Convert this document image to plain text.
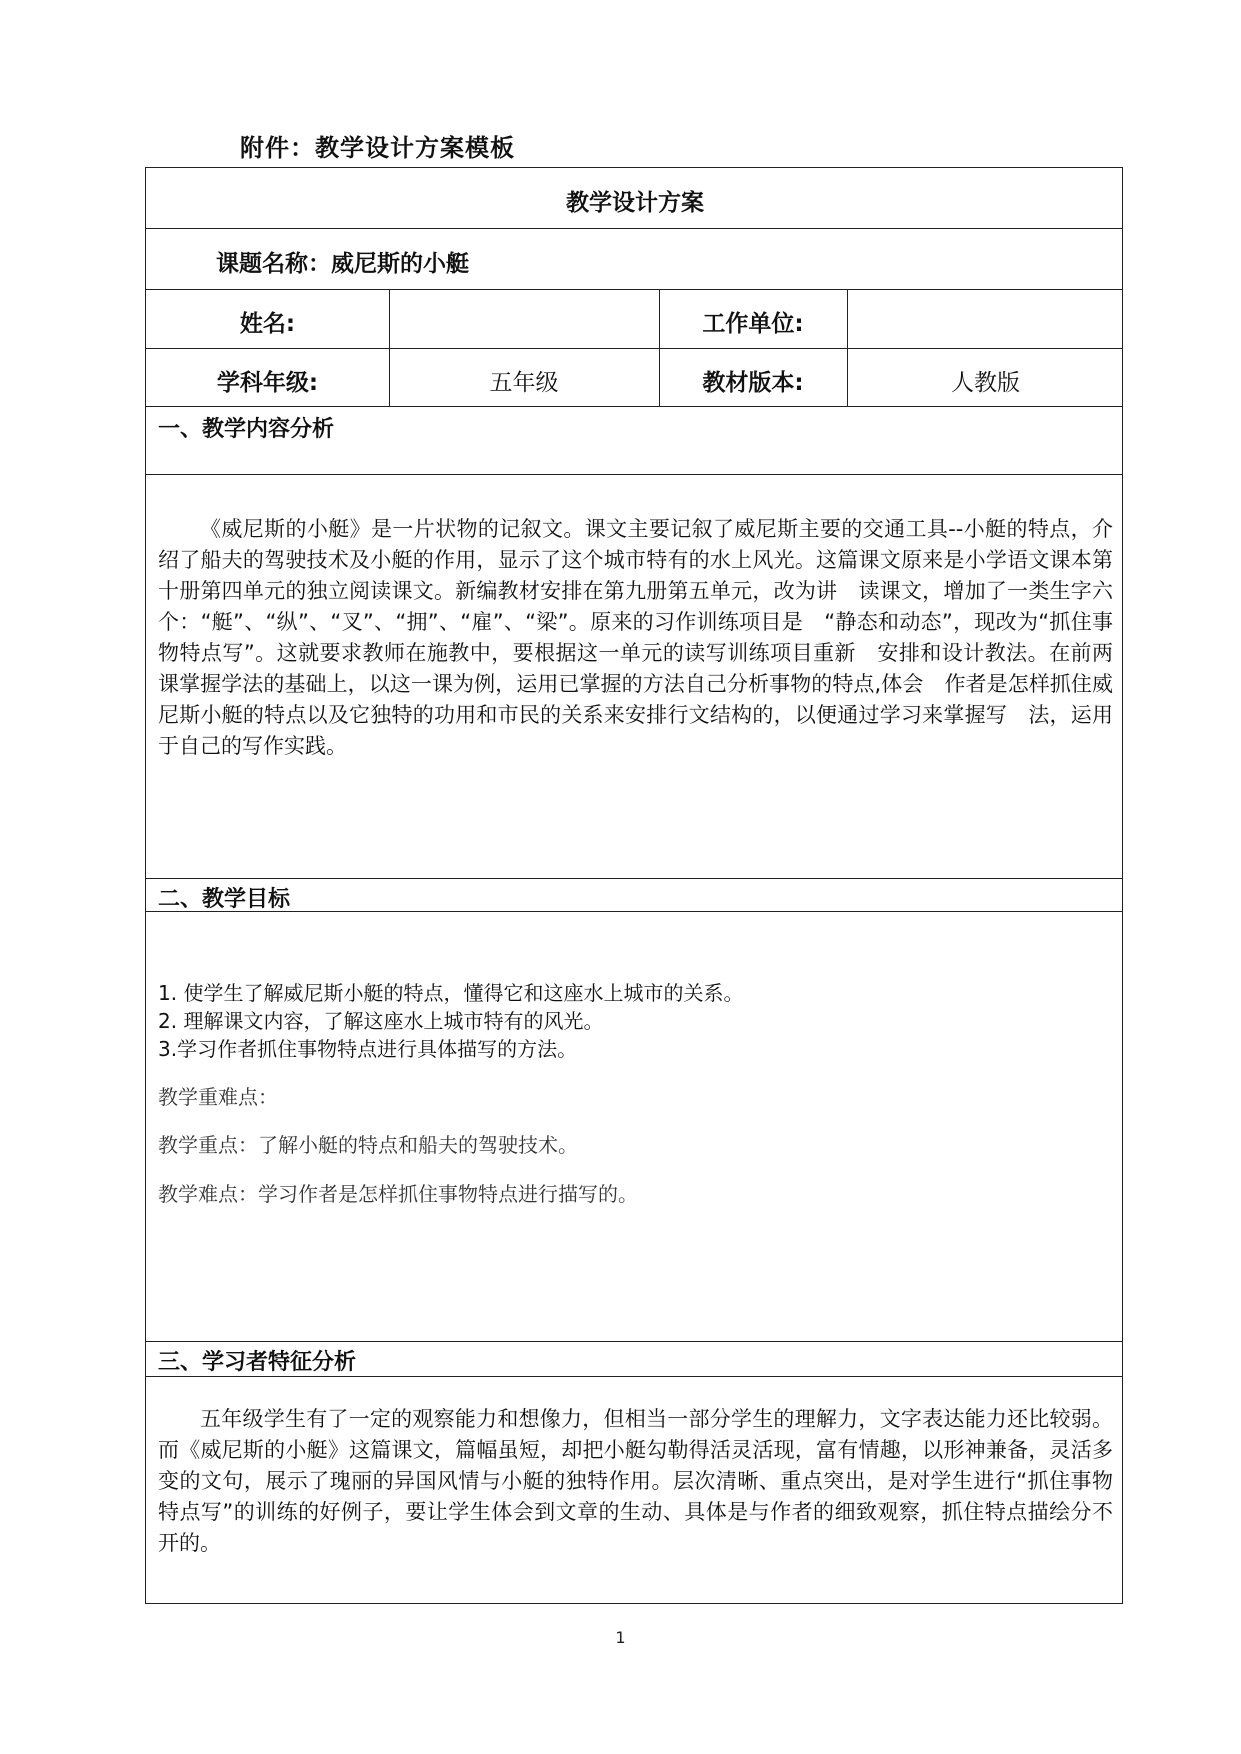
附件：教学设计方案模板
教学设计方案
课题名称：威尼斯的小艇
姓名:	工作单位:
学科年级:	五年级	教材版本:	人教版
一、教学内容分析

《威尼斯的小艇》是一片状物的记叙文。课文主要记叙了威尼斯主要的交通工具--小艇的特点，介绍了船夫的驾驶技术及小艇的作用，显示了这个城市特有的水上风光。这篇课文原来是小学语文课本第十册第四单元的独立阅读课文。新编教材安排在第九册第五单元，改为讲　读课文，增加了一类生字六个：“艇”、“纵”、“叉”、“拥”、“雇”、“梁”。原来的习作训练项目是　“静态和动态”，现改为“抓住事物特点写”。这就要求教师在施教中，要根据这一单元的读写训练项目重新　安排和设计教法。在前两课掌握学法的基础上，以这一课为例，运用已掌握的方法自己分析事物的特点,体会　作者是怎样抓住威尼斯小艇的特点以及它独特的功用和市民的关系来安排行文结构的，以便通过学习来掌握写　法，运用于自己的写作实践。

二、教学目标
1. 使学生了解威尼斯小艇的特点，懂得它和这座水上城市的关系。
2. 理解课文内容，了解这座水上城市特有的风光。
3.学习作者抓住事物特点进行具体描写的方法。
教学重难点：
教学重点：了解小艇的特点和船夫的驾驶技术。
教学难点：学习作者是怎样抓住事物特点进行描写的。
三、学习者特征分析

五年级学生有了一定的观察能力和想像力，但相当一部分学生的理解力，文字表达能力还比较弱。而《威尼斯的小艇》这篇课文，篇幅虽短，却把小艇勾勒得活灵活现，富有情趣，以形神兼备，灵活多变的文句，展示了瑰丽的异国风情与小艇的独特作用。层次清晰、重点突出，是对学生进行“抓住事物特点写”的训练的好例子，要让学生体会到文章的生动、具体是与作者的细致观察，抓住特点描绘分不开的。

1
